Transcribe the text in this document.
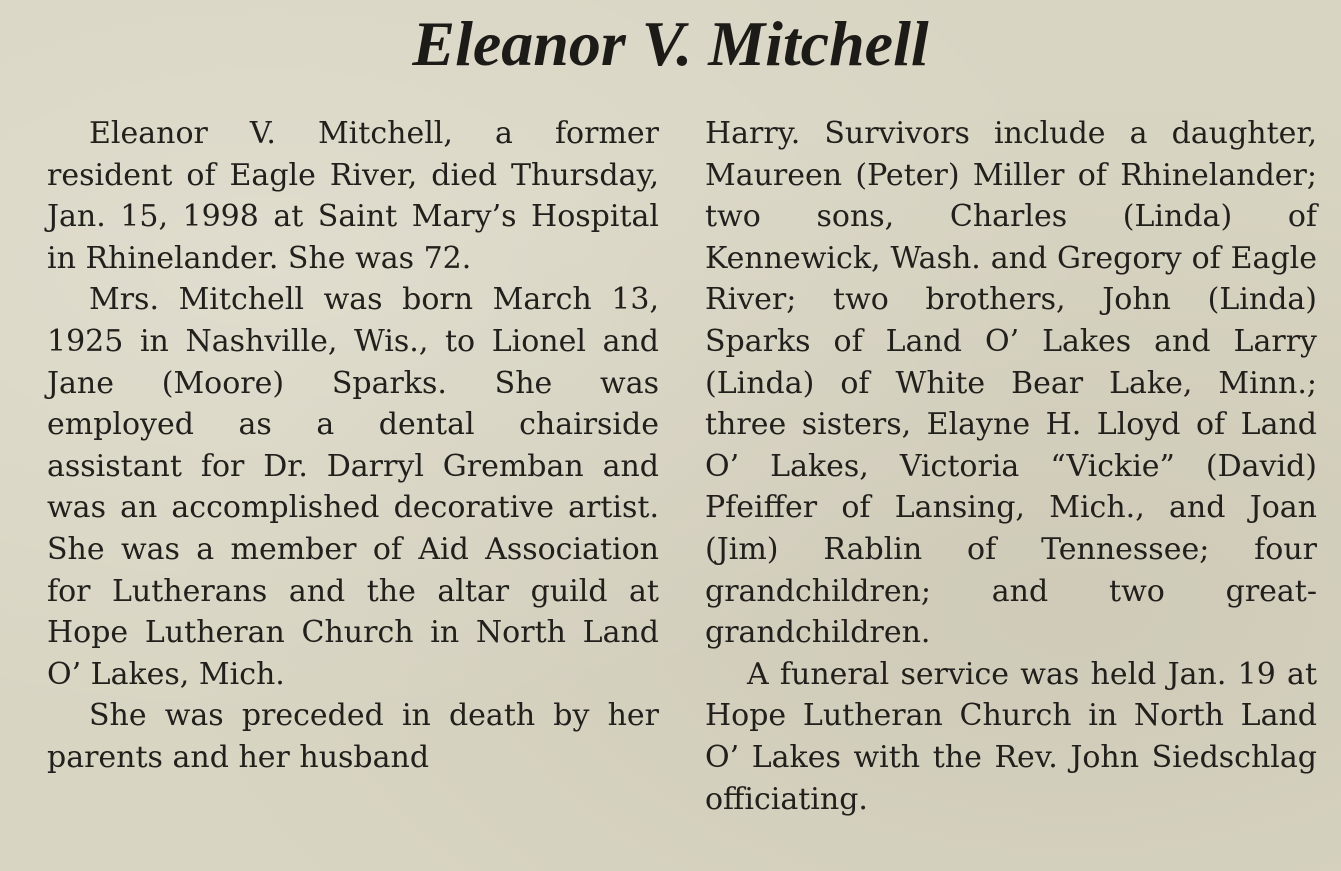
Eleanor V. Mitchell

Eleanor V. Mitchell, a former resident of Eagle River, died Thursday, Jan. 15, 1998 at Saint Mary’s Hospital in Rhinelander. She was 72.

Mrs. Mitchell was born March 13, 1925 in Nashville, Wis., to Lionel and Jane (Moore) Sparks. She was employed as a dental chairside assistant for Dr. Darryl Gremban and was an accomplished decorative artist. She was a member of Aid Association for Lutherans and the altar guild at Hope Lutheran Church in North Land O’ Lakes, Mich.

She was preceded in death by her parents and her husband

Harry. Survivors include a daughter, Maureen (Peter) Miller of Rhinelander; two sons, Charles (Linda) of Kennewick, Wash. and Gregory of Eagle River; two brothers, John (Linda) Sparks of Land O’ Lakes and Larry (Linda) of White Bear Lake, Minn.; three sisters, Elayne H. Lloyd of Land O’ Lakes, Victoria “Vickie” (David) Pfeiffer of Lansing, Mich., and Joan (Jim) Rablin of Tennessee; four grandchildren; and two great-grandchildren.

A funeral service was held Jan. 19 at Hope Lutheran Church in North Land O’ Lakes with the Rev. John Siedschlag officiating.
